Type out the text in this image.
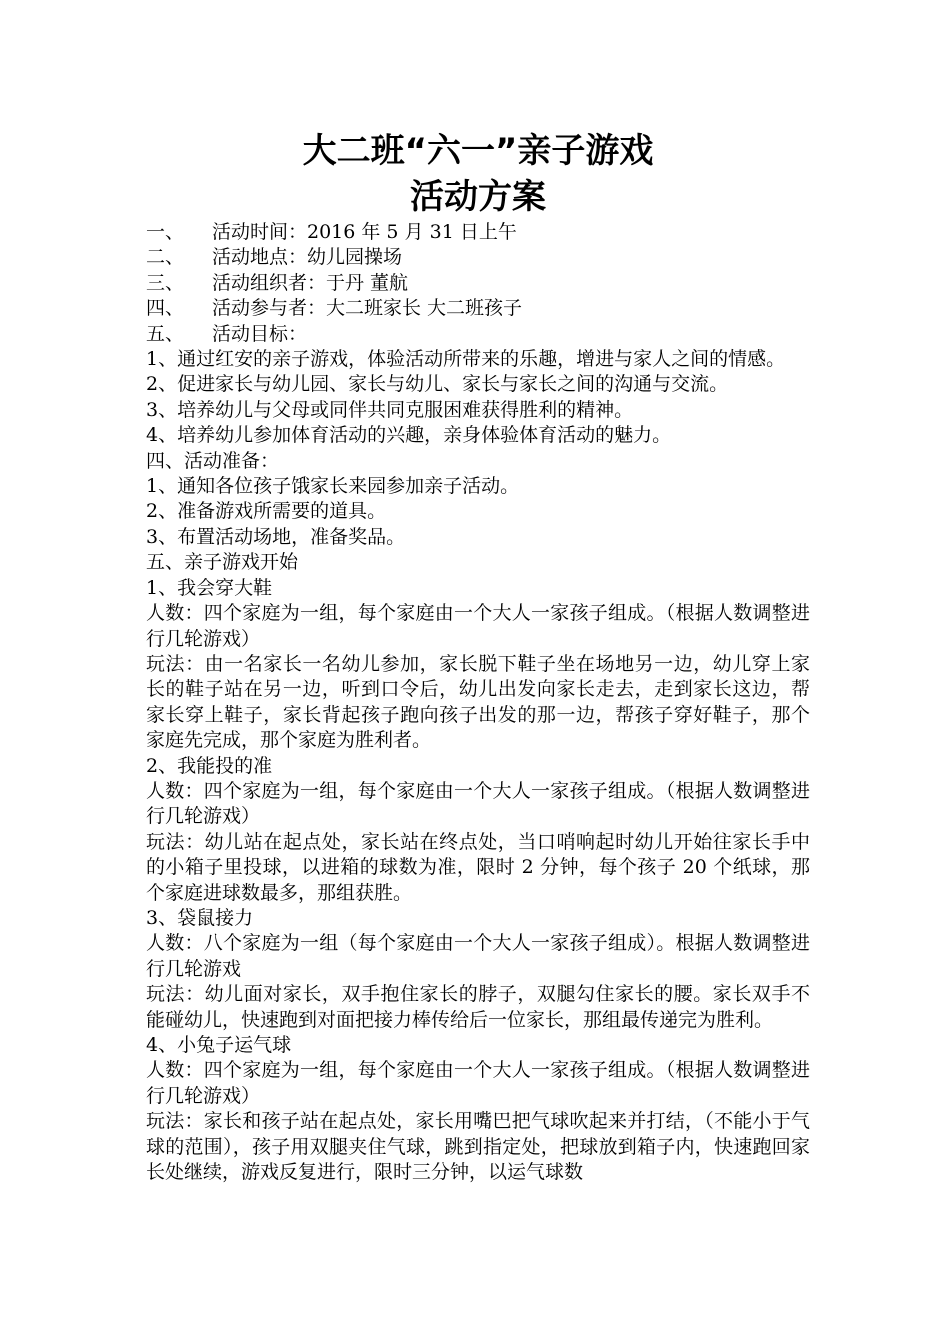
大二班“六一”亲子游戏
活动方案

一、 活动时间：2016 年 5 月 31 日上午

二、 活动地点：幼儿园操场

三、 活动组织者：于丹 董航

四、 活动参与者：大二班家长 大二班孩子

五、 活动目标：

1、通过红安的亲子游戏，体验活动所带来的乐趣，增进与家人之间的情感。

2、促进家长与幼儿园、家长与幼儿、家长与家长之间的沟通与交流。

3、培养幼儿与父母或同伴共同克服困难获得胜利的精神。

4、培养幼儿参加体育活动的兴趣，亲身体验体育活动的魅力。

四、活动准备：

1、通知各位孩子饿家长来园参加亲子活动。

2、准备游戏所需要的道具。

3、布置活动场地，准备奖品。

五、亲子游戏开始

1、我会穿大鞋

人数：四个家庭为一组，每个家庭由一个大人一家孩子组成。（根据人数调整进行几轮游戏）

玩法：由一名家长一名幼儿参加，家长脱下鞋子坐在场地另一边，幼儿穿上家长的鞋子站在另一边，听到口令后，幼儿出发向家长走去，走到家长这边，帮家长穿上鞋子，家长背起孩子跑向孩子出发的那一边，帮孩子穿好鞋子，那个家庭先完成，那个家庭为胜利者。

2、我能投的准

人数：四个家庭为一组，每个家庭由一个大人一家孩子组成。（根据人数调整进行几轮游戏）

玩法：幼儿站在起点处，家长站在终点处，当口哨响起时幼儿开始往家长手中的小箱子里投球，以进箱的球数为准，限时 2 分钟，每个孩子 20 个纸球，那个家庭进球数最多，那组获胜。

3、袋鼠接力

人数：八个家庭为一组（每个家庭由一个大人一家孩子组成）。根据人数调整进行几轮游戏

玩法：幼儿面对家长，双手抱住家长的脖子，双腿勾住家长的腰。家长双手不能碰幼儿，快速跑到对面把接力棒传给后一位家长，那组最传递完为胜利。

4、小兔子运气球

人数：四个家庭为一组，每个家庭由一个大人一家孩子组成。（根据人数调整进行几轮游戏）

玩法：家长和孩子站在起点处，家长用嘴巴把气球吹起来并打结，（不能小于气球的范围），孩子用双腿夹住气球，跳到指定处，把球放到箱子内，快速跑回家长处继续，游戏反复进行，限时三分钟，以运气球数
